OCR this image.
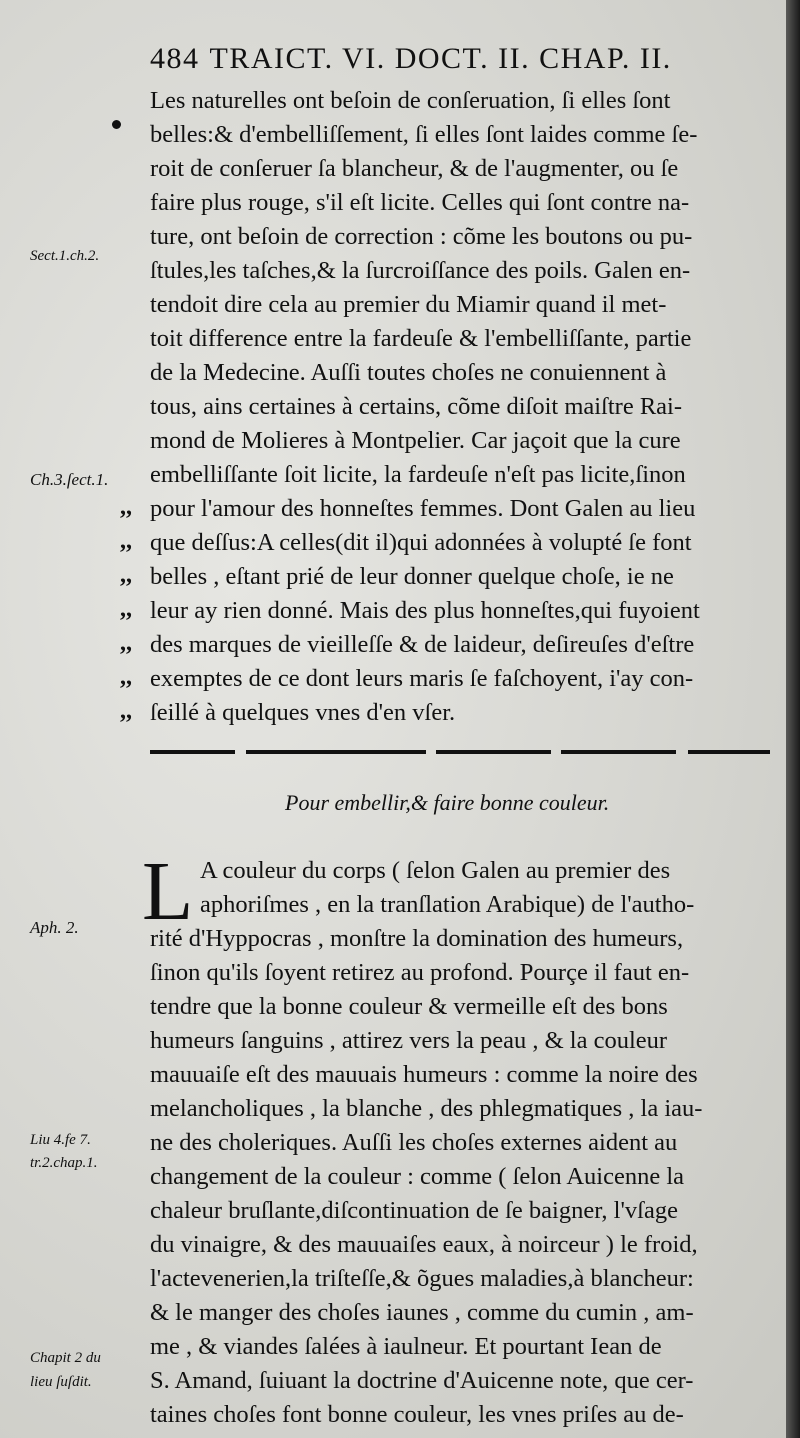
484 TRAICT. VI. DOCT. II. CHAP. II.
Les naturelles ont beſoin de conſeruation, ſi elles ſont
belles:& d'embelliſſement, ſi elles ſont laides comme ſe-
roit de conſeruer ſa blancheur, & de l'augmenter, ou ſe
faire plus rouge, s'il eſt licite. Celles qui ſont contre na-
ture, ont beſoin de correction : cõme les boutons ou pu-
ſtules,les taſches,& la ſurcroiſſance des poils. Galen en-
tendoit dire cela au premier du Miamir quand il met-
toit difference entre la fardeuſe & l'embelliſſante, partie
de la Medecine. Auſſi toutes choſes ne conuiennent à
tous, ains certaines à certains, cõme diſoit maiſtre Rai-
mond de Molieres à Montpelier. Car jaçoit que la cure
embelliſſante ſoit licite, la fardeuſe n'eſt pas licite,ſinon
pour l'amour des honneſtes femmes. Dont Galen au lieu
que deſſus:A celles(dit il)qui adonnées à volupté ſe font
belles , eſtant prié de leur donner quelque choſe, ie ne
leur ay rien donné. Mais des plus honneſtes,qui fuyoient
des marques de vieilleſſe & de laideur, deſireuſes d'eſtre
exemptes de ce dont leurs maris ſe faſchoyent, i'ay con-
ſeillé à quelques vnes d'en vſer.
,,
,,
,,
,,
,,
,,
,,
Sect.1.ch.2.
Ch.3.ſect.1.
Pour embellir,& faire bonne couleur.
L A couleur du corps ( ſelon Galen au premier des
aphoriſmes , en la tranſlation Arabique) de l'autho-
rité d'Hyppocras , monſtre la domination des humeurs,
ſinon qu'ils ſoyent retirez au profond. Pourçe il faut en-
tendre que la bonne couleur & vermeille eſt des bons
humeurs ſanguins , attirez vers la peau , & la couleur
mauuaiſe eſt des mauuais humeurs : comme la noire des
melancholiques , la blanche , des phlegmatiques , la iau-
ne des choleriques. Auſſi les choſes externes aident au
changement de la couleur : comme ( ſelon Auicenne la
chaleur bruſlante,diſcontinuation de ſe baigner, l'vſage
du vinaigre, & des mauuaiſes eaux, à noirceur ) le froid,
l'actevenerien,la triſteſſe,& õgues maladies,à blancheur:
& le manger des choſes iaunes , comme du cumin , am-
me , & viandes ſalées à iaulneur. Et pourtant Iean de
S. Amand, ſuiuant la doctrine d'Auicenne note, que cer-
taines choſes font bonne couleur, les vnes priſes au de-
Aph. 2.
Liu 4.fe 7.
tr.2.chap.1.
Chapit 2 du
lieu ſuſdit.
